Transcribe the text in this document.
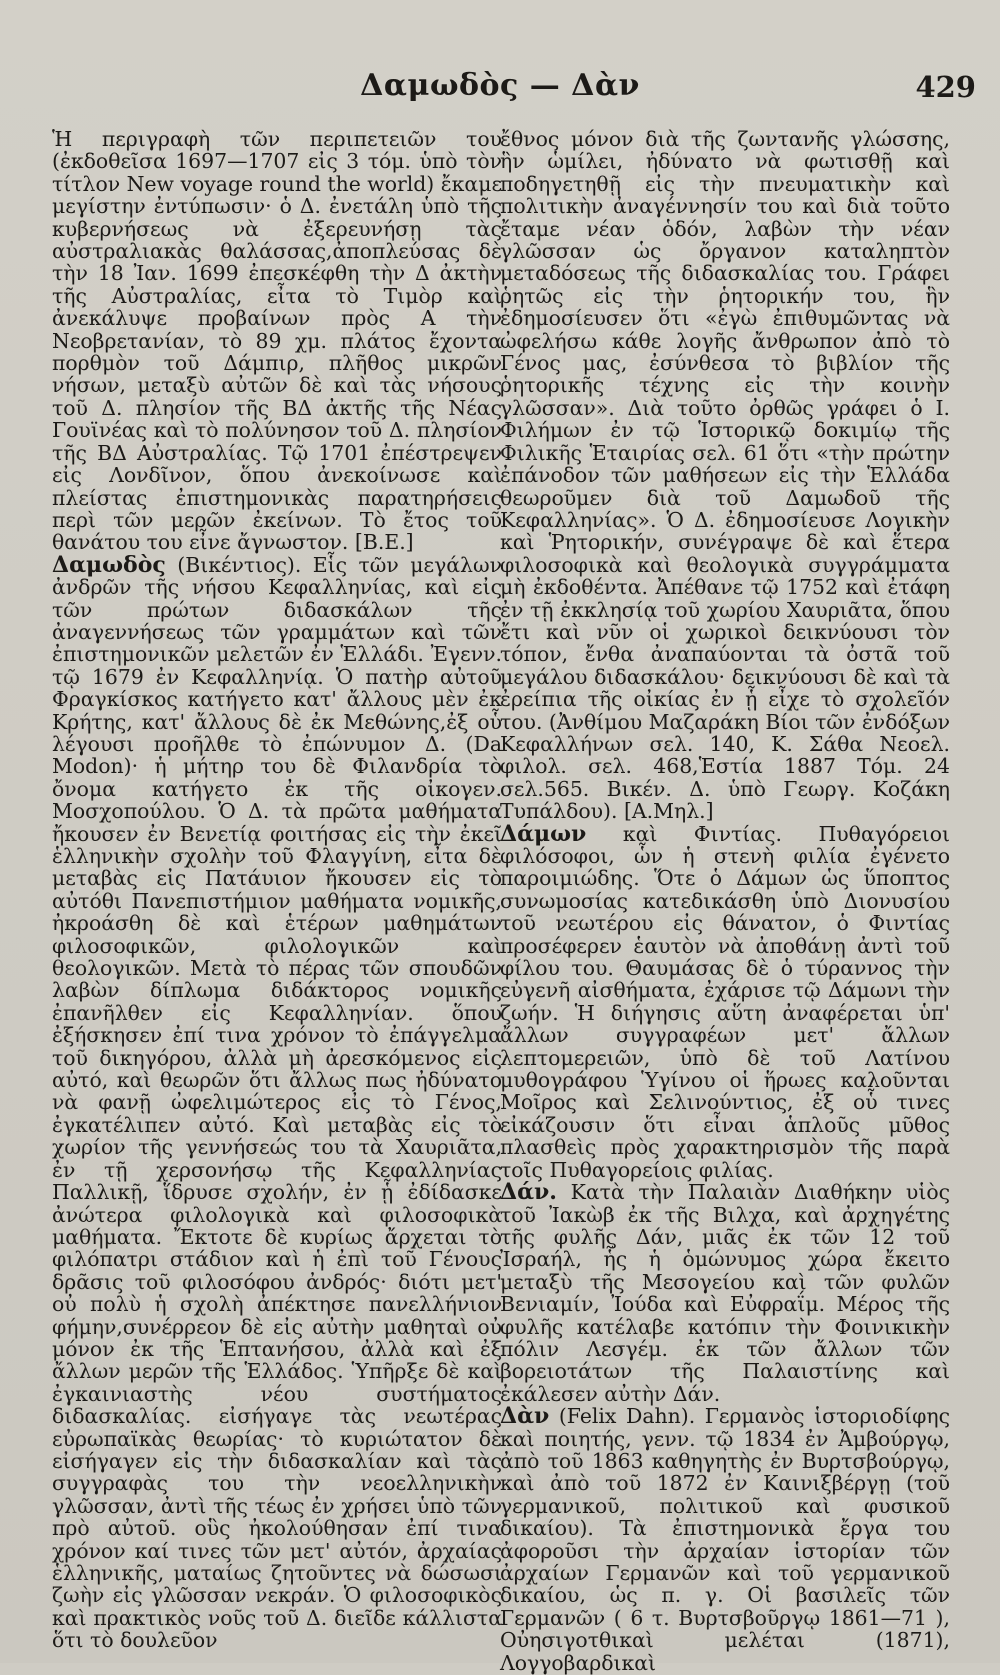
Δαμωδὸς — Δὰν	429

Ἡ περιγραφὴ τῶν περιπετειῶν του (ἐκδοθεῖσα 1697—1707 εἰς 3 τόμ. ὑπὸ τὸν τίτλον New voyage round the world) ἔκαμε μεγίστην ἐντύπωσιν· ὁ Δ. ἐνετάλη ὑπὸ τῆς κυβερνήσεως νὰ ἐξερευνήσῃ τὰς αὐστραλιακὰς θαλάσσας,ἀποπλεύσας δὲ τὴν 18 Ἰαν. 1699 ἐπεσκέφθη τὴν Δ ἀκτὴν τῆς Αὐστραλίας, εἶτα τὸ Τιμὸρ καὶ ἀνεκάλυψε προβαίνων πρὸς Α τὴν Νεοβρετανίαν, τὸ 89 χμ. πλάτος ἔχοντα πορθμὸν τοῦ Δάμπιρ, πλῆθος μικρῶν νήσων, μεταξὺ αὐτῶν δὲ καὶ τὰς νήσους τοῦ Δ. πλησίον τῆς ΒΔ ἀκτῆς τῆς Νέας Γουϊνέας καὶ τὸ πολύνησον τοῦ Δ. πλησίον τῆς ΒΔ Αὐστραλίας. Τῷ 1701 ἐπέστρεψεν εἰς Λονδῖνον, ὅπου ἀνεκοίνωσε καὶ πλείστας ἐπιστημονικὰς παρατηρήσεις περὶ τῶν μερῶν ἐκείνων. Τὸ ἔτος τοῦ θανάτου του εἶνε ἄγνωστον. [Β.Ε.]

Δαμωδὸς (Βικέντιος). Εἷς τῶν μεγάλων ἀνδρῶν τῆς νήσου Κεφαλληνίας, καὶ εἰς τῶν πρώτων διδασκάλων τῆς ἀναγεννήσεως τῶν γραμμάτων καὶ τῶν ἐπιστημονικῶν μελετῶν ἐν Ἑλλάδι. Ἐγενν. τῷ 1679 ἐν Κεφαλληνίᾳ. Ὁ πατὴρ αὐτοῦ Φραγκίσκος κατήγετο κατ' ἄλλους μὲν ἐκ Κρήτης, κατ' ἄλλους δὲ ἐκ Μεθώνης,ἐξ οὗ λέγουσι προῆλθε τὸ ἐπώνυμον Δ. (Da Modon)· ἡ μήτηρ του δὲ Φιλανδρία τὸ ὄνομα κατήγετο ἐκ τῆς οἰκογεν. Μοσχοπούλου. Ὁ Δ. τὰ πρῶτα μαθήματα ἤκουσεν ἐν Βενετίᾳ φοιτήσας εἰς τὴν ἐκεῖ ἑλληνικὴν σχολὴν τοῦ Φλαγγίνη, εἶτα δὲ μεταβὰς εἰς Πατάυιον ἤκουσεν εἰς τὸ αὐτόθι Πανεπιστήμιον μαθήματα νομικῆς, ἠκροάσθη δὲ καὶ ἑτέρων μαθημάτων φιλοσοφικῶν, φιλολογικῶν καὶ θεολογικῶν. Μετὰ τὸ πέρας τῶν σπουδῶν λαβὼν δίπλωμα διδάκτορος νομικῆς ἐπανῆλθεν εἰς Κεφαλληνίαν. ὅπου ἐξήσκησεν ἐπί τινα χρόνον τὸ ἐπάγγελμα τοῦ δικηγόρου, ἀλλὰ μὴ ἀρεσκόμενος εἰς αὐτό, καὶ θεωρῶν ὅτι ἄλλως πως ἠδύνατο νὰ φανῇ ὠφελιμώτερος εἰς τὸ Γένος, ἐγκατέλιπεν αὐτό. Καὶ μεταβὰς εἰς τὸ χωρίον τῆς γεννήσεώς του τὰ Χαυριᾶτα, ἐν τῇ χερσονήσῳ τῆς Κεφαλληνίας Παλλικῇ, ἵδρυσε σχολήν, ἐν ᾗ ἐδίδασκε ἀνώτερα φιλολογικὰ καὶ φιλοσοφικὰ μαθήματα. Ἔκτοτε δὲ κυρίως ἄρχεται τὸ φιλόπατρι στάδιον καὶ ἡ ἐπὶ τοῦ Γένους δρᾶσις τοῦ φιλοσόφου ἀνδρός· διότι μετ' οὐ πολὺ ἡ σχολὴ ἀπέκτησε πανελλήνιον φήμην,συνέρρεον δὲ εἰς αὐτὴν μαθηταὶ οὐ μόνον ἐκ τῆς Ἑπτανήσου, ἀλλὰ καὶ ἐξ ἄλλων μερῶν τῆς Ἑλλάδος. Ὑπῆρξε δὲ καὶ ἐγκαινιαστὴς νέου συστήματος διδασκαλίας. εἰσήγαγε τὰς νεωτέρας εὐρωπαϊκὰς θεωρίας· τὸ κυριώτατον δὲ εἰσήγαγεν εἰς τὴν διδασκαλίαν καὶ τὰς συγγραφὰς του τὴν νεοελληνικὴν γλῶσσαν, ἀντὶ τῆς τέως ἐν χρήσει ὑπὸ τῶν πρὸ αὐτοῦ. οὓς ἠκολούθησαν ἐπί τινα χρόνον καί τινες τῶν μετ' αὐτόν, ἀρχαίας ἑλληνικῆς, ματαίως ζητοῦντες νὰ δώσωσι ζωὴν εἰς γλῶσσαν νεκράν. Ὁ φιλοσοφικὸς καὶ πρακτικὸς νοῦς τοῦ Δ. διεῖδε κάλλιστα ὅτι τὸ δουλεῦον

ἔθνος μόνον διὰ τῆς ζωντανῆς γλώσσης, ἣν ὡμίλει, ἠδύνατο νὰ φωτισθῇ καὶ ποδηγετηθῇ εἰς τὴν πνευματικὴν καὶ πολιτικὴν ἀναγέννησίν του καὶ διὰ τοῦτο ἔταμε νέαν ὁδόν, λαβὼν τὴν νέαν γλῶσσαν ὡς ὄργανον καταληπτὸν μεταδόσεως τῆς διδασκαλίας του. Γράφει ῥητῶς εἰς τὴν ῥητορικήν του, ἣν ἐδημοσίευσεν ὅτι «ἐγὼ ἐπιθυμῶντας νὰ ὠφελήσω κάθε λογῆς ἄνθρωπον ἀπὸ τὸ Γένος μας, ἐσύνθεσα τὸ βιβλίον τῆς ῥητορικῆς τέχνης εἰς τὴν κοινὴν γλῶσσαν». Διὰ τοῦτο ὀρθῶς γράφει ὁ Ι. Φιλήμων ἐν τῷ Ἱστορικῷ δοκιμίῳ τῆς Φιλικῆς Ἑταιρίας σελ. 61 ὅτι «τὴν πρώτην ἐπάνοδον τῶν μαθήσεων εἰς τὴν Ἑλλάδα θεωροῦμεν διὰ τοῦ Δαμωδοῦ τῆς Κεφαλληνίας». Ὁ Δ. ἐδημοσίευσε Λογικὴν καὶ Ῥητορικήν, συνέγραψε δὲ καὶ ἕτερα φιλοσοφικὰ καὶ θεολογικὰ συγγράμματα μὴ ἐκδοθέντα. Ἀπέθανε τῷ 1752 καὶ ἐτάφη ἐν τῇ ἐκκλησίᾳ τοῦ χωρίου Χαυριᾶτα, ὅπου ἔτι καὶ νῦν οἱ χωρικοὶ δεικνύουσι τὸν τόπον, ἔνθα ἀναπαύονται τὰ ὀστᾶ τοῦ μεγάλου διδασκάλου· δεικνύουσι δὲ καὶ τὰ ἐρείπια τῆς οἰκίας ἐν ᾗ εἶχε τὸ σχολεῖόν του. (Ἀνθίμου Μαζαράκη Βίοι τῶν ἐνδόξων Κεφαλλήνων σελ. 140, Κ. Σάθα Νεοελ. φιλολ. σελ. 468,Ἑστία 1887 Τόμ. 24 σελ.565. Βικέν. Δ. ὑπὸ Γεωργ. Κοζάκη Τυπάλδου). [Α.Μηλ.]

Δάμων καὶ Φιντίας. Πυθαγόρειοι φιλόσοφοι, ὧν ἡ στενὴ φιλία ἐγένετο παροιμιώδης. Ὅτε ὁ Δάμων ὡς ὕποπτος συνωμοσίας κατεδικάσθη ὑπὸ Διονυσίου τοῦ νεωτέρου εἰς θάνατον, ὁ Φιντίας προσέφερεν ἑαυτὸν νὰ ἀποθάνῃ ἀντὶ τοῦ φίλου του. Θαυμάσας δὲ ὁ τύραννος τὴν εὐγενῆ αἰσθήματα, ἐχάρισε τῷ Δάμωνι τὴν ζωήν. Ἡ διήγησις αὕτη ἀναφέρεται ὑπ' ἄλλων συγγραφέων μετ' ἄλλων λεπτομερειῶν, ὑπὸ δὲ τοῦ Λατίνου μυθογράφου Ὑγίνου οἱ ἥρωες καλοῦνται Μοῖρος καὶ Σελινούντιος, ἐξ οὗ τινες εἰκάζουσιν ὅτι εἶναι ἁπλοῦς μῦθος πλασθεὶς πρὸς χαρακτηρισμὸν τῆς παρὰ τοῖς Πυθαγορείοις φιλίας.

Δάν. Κατὰ τὴν Παλαιὰν Διαθήκην υἱὸς τοῦ Ἰακὼβ ἐκ τῆς Βιλχα, καὶ ἀρχηγέτης τῆς φυλῆς Δάν, μιᾶς ἐκ τῶν 12 τοῦ Ἰσραήλ, ἧς ἡ ὁμώνυμος χώρα ἔκειτο μεταξὺ τῆς Μεσογείου καὶ τῶν φυλῶν Βενιαμίν, Ἰούδα καὶ Εὐφραΐμ. Μέρος τῆς φυλῆς κατέλαβε κατόπιν τὴν Φοινικικὴν πόλιν Λεσγέμ. ἐκ τῶν ἄλλων τῶν βορειοτάτων τῆς Παλαιστίνης καὶ ἐκάλεσεν αὐτὴν Δάν.

Δὰν (Felix Dahn). Γερμανὸς ἱστοριοδίφης καὶ ποιητής, γενν. τῷ 1834 ἐν Ἀμβούργῳ, ἀπὸ τοῦ 1863 καθηγητὴς ἐν Βυρτσβούργῳ, καὶ ἀπὸ τοῦ 1872 ἐν Καινιξβέργῃ (τοῦ γερμανικοῦ, πολιτικοῦ καὶ φυσικοῦ δικαίου). Τὰ ἐπιστημονικὰ ἔργα του ἀφοροῦσι τὴν ἀρχαίαν ἱστορίαν τῶν ἀρχαίων Γερμανῶν καὶ τοῦ γερμανικοῦ δικαίου, ὡς π. γ. Οἱ βασιλεῖς τῶν Γερμανῶν ( 6 τ. Βυρτσβοῦργῳ 1861—71 ), Οὐησιγοτθικαὶ μελέται (1871), Λογγοβαρδικαὶ
